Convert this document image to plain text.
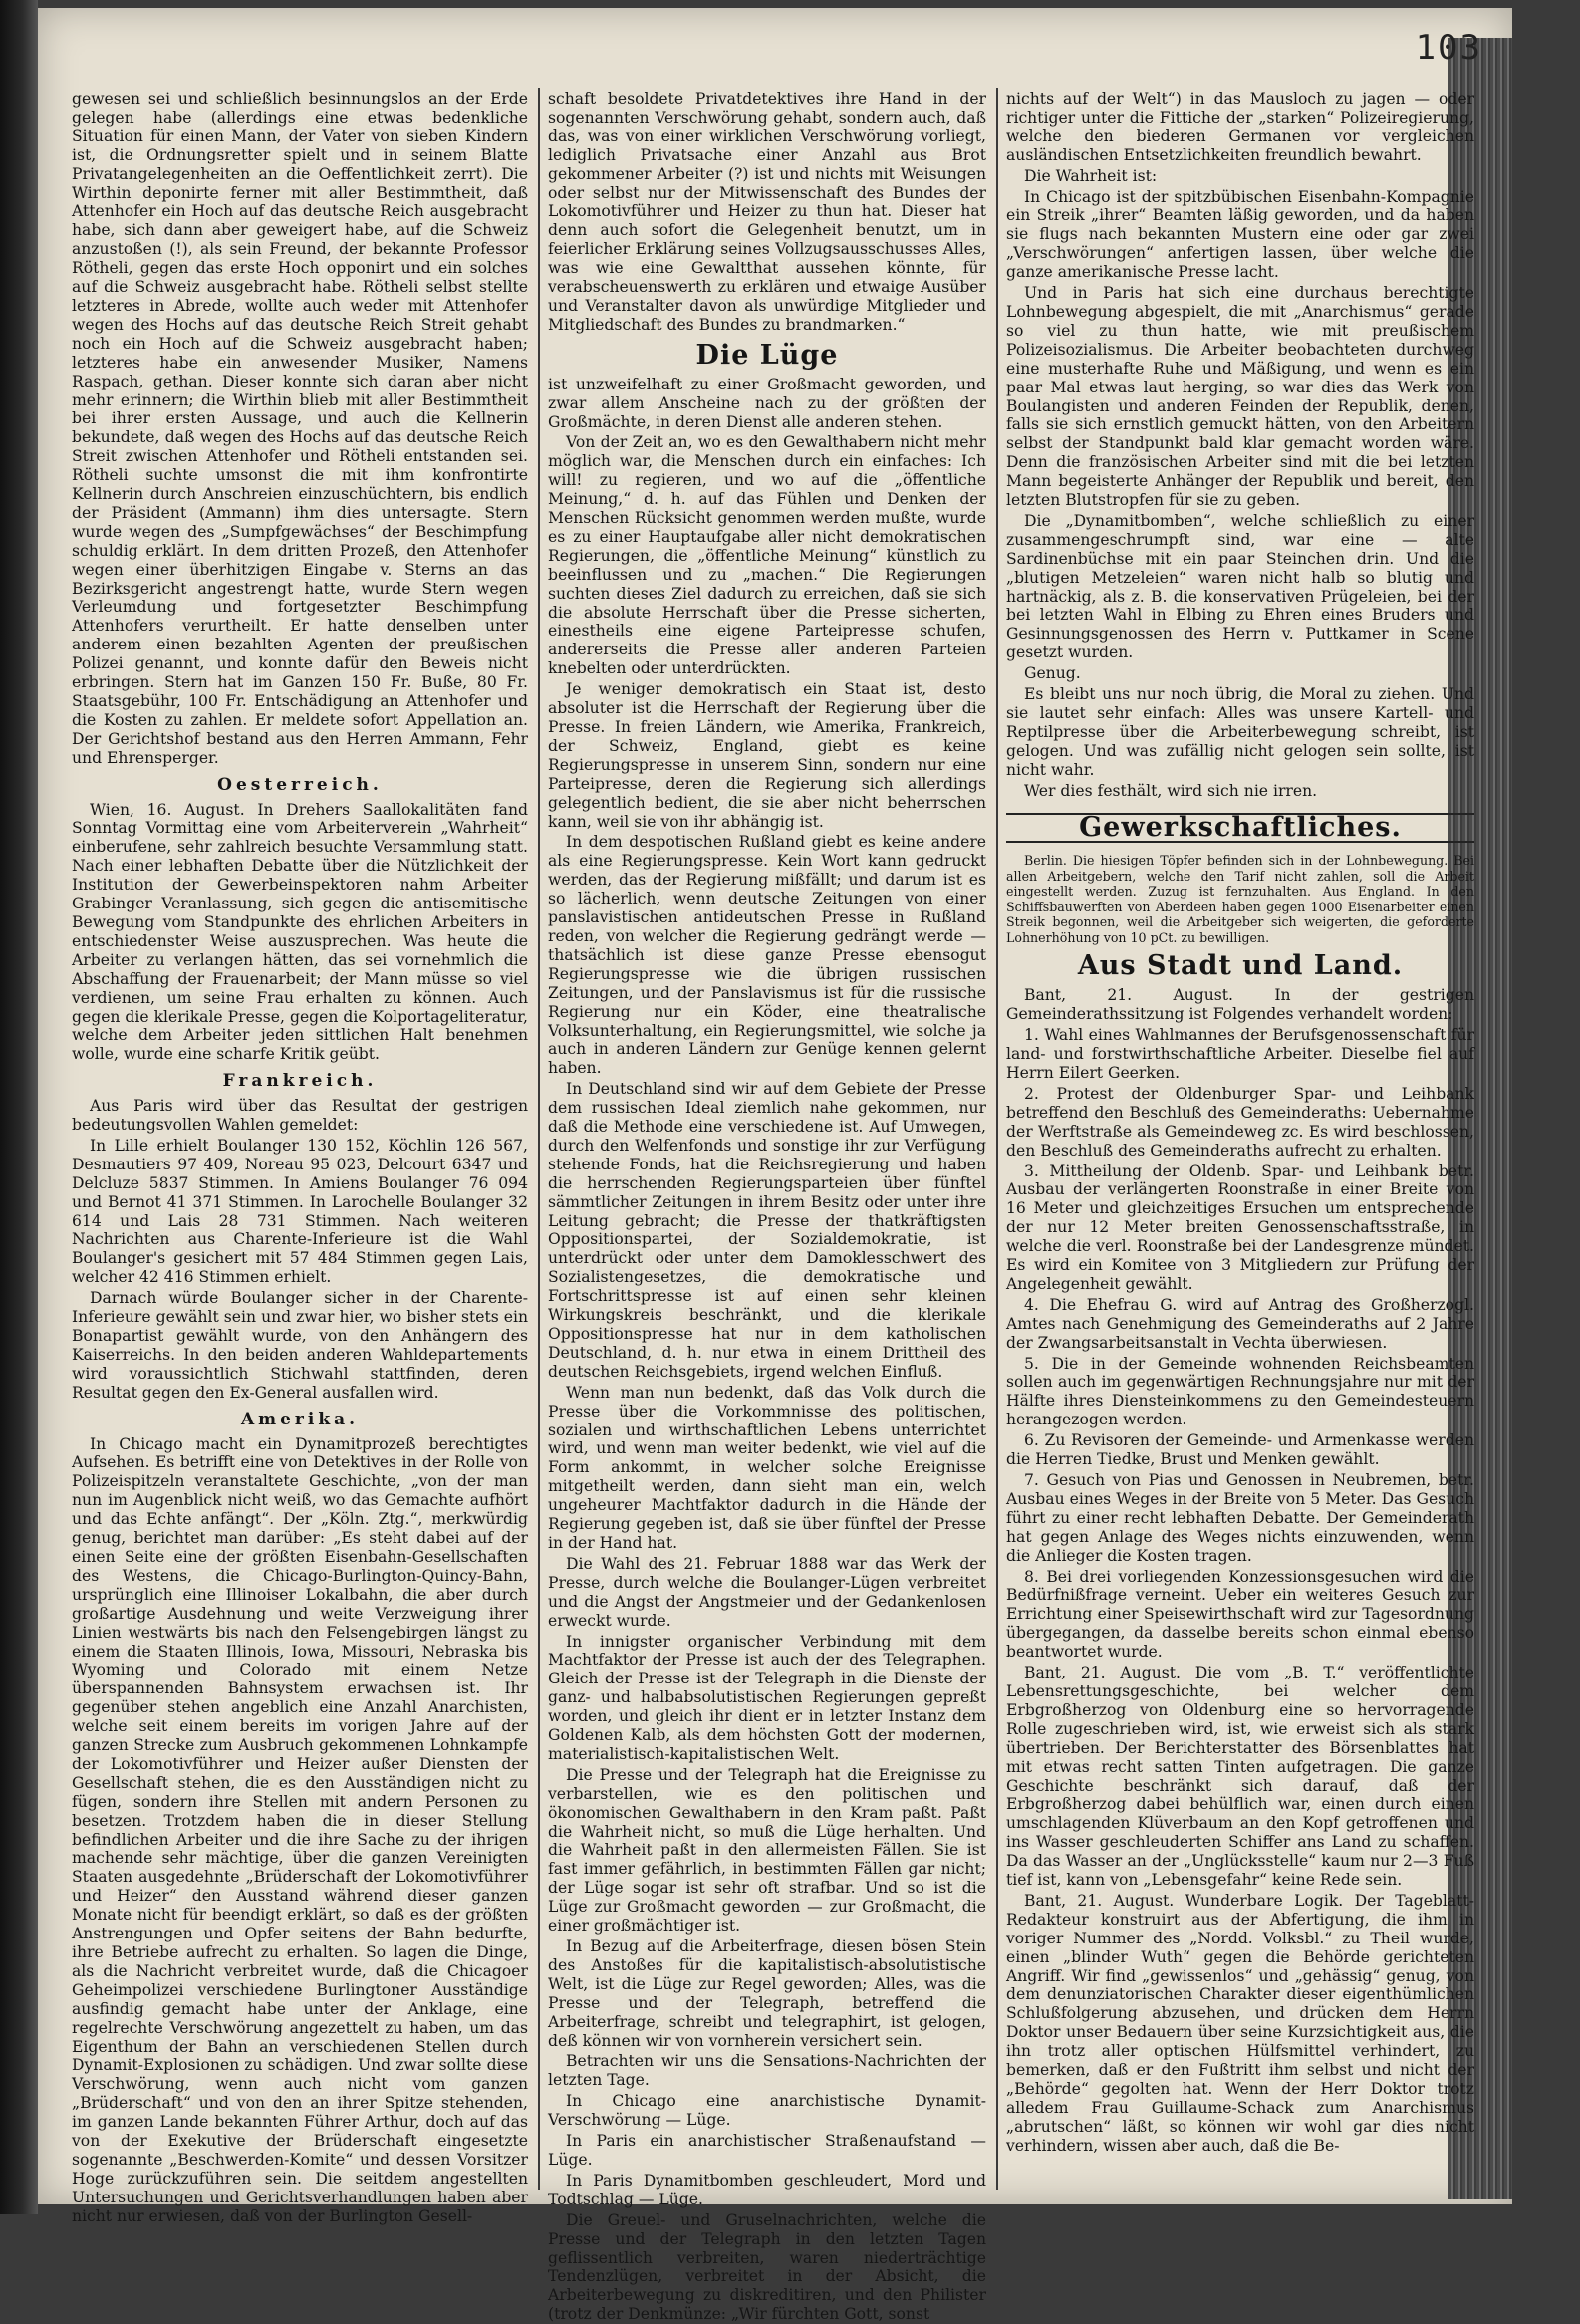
103

gewesen sei und schließlich besinnungslos an der Erde gelegen habe (allerdings eine etwas bedenkliche Situation für einen Mann, der Vater von sieben Kindern ist, die Ordnungsretter spielt und in seinem Blatte Privatangelegenheiten an die Oeffentlichkeit zerrt). Die Wirthin deponirte ferner mit aller Bestimmtheit, daß Attenhofer ein Hoch auf das deutsche Reich ausgebracht habe, sich dann aber geweigert habe, auf die Schweiz anzustoßen (!), als sein Freund, der bekannte Professor Rötheli, gegen das erste Hoch opponirt und ein solches auf die Schweiz ausgebracht habe. Rötheli selbst stellte letzteres in Abrede, wollte auch weder mit Attenhofer wegen des Hochs auf das deutsche Reich Streit gehabt noch ein Hoch auf die Schweiz ausgebracht haben; letzteres habe ein anwesender Musiker, Namens Raspach, gethan. Dieser konnte sich daran aber nicht mehr erinnern; die Wirthin blieb mit aller Bestimmtheit bei ihrer ersten Aussage, und auch die Kellnerin bekundete, daß wegen des Hochs auf das deutsche Reich Streit zwischen Attenhofer und Rötheli entstanden sei. Rötheli suchte umsonst die mit ihm konfrontirte Kellnerin durch Anschreien einzuschüchtern, bis endlich der Präsident (Ammann) ihm dies untersagte. Stern wurde wegen des „Sumpfgewächses“ der Beschimpfung schuldig erklärt. In dem dritten Prozeß, den Attenhofer wegen einer überhitzigen Eingabe v. Sterns an das Bezirksgericht angestrengt hatte, wurde Stern wegen Verleumdung und fortgesetzter Beschimpfung Attenhofers verurtheilt. Er hatte denselben unter anderem einen bezahlten Agenten der preußischen Polizei genannt, und konnte dafür den Beweis nicht erbringen. Stern hat im Ganzen 150 Fr. Buße, 80 Fr. Staatsgebühr, 100 Fr. Entschädigung an Attenhofer und die Kosten zu zahlen. Er meldete sofort Appellation an. Der Gerichtshof bestand aus den Herren Ammann, Fehr und Ehrensperger.

Oesterreich.

Wien, 16. August. In Drehers Saallokalitäten fand Sonntag Vormittag eine vom Arbeiterverein „Wahrheit“ einberufene, sehr zahlreich besuchte Versammlung statt. Nach einer lebhaften Debatte über die Nützlichkeit der Institution der Gewerbeinspektoren nahm Arbeiter Grabinger Veranlassung, sich gegen die antisemitische Bewegung vom Standpunkte des ehrlichen Arbeiters in entschiedenster Weise auszusprechen. Was heute die Arbeiter zu verlangen hätten, das sei vornehmlich die Abschaffung der Frauenarbeit; der Mann müsse so viel verdienen, um seine Frau erhalten zu können. Auch gegen die klerikale Presse, gegen die Kolportageliteratur, welche dem Arbeiter jeden sittlichen Halt benehmen wolle, wurde eine scharfe Kritik geübt.

Frankreich.

Aus Paris wird über das Resultat der gestrigen bedeutungsvollen Wahlen gemeldet:

In Lille erhielt Boulanger 130 152, Köchlin 126 567, Desmautiers 97 409, Noreau 95 023, Delcourt 6347 und Delcluze 5837 Stimmen. In Amiens Boulanger 76 094 und Bernot 41 371 Stimmen. In Larochelle Boulanger 32 614 und Lais 28 731 Stimmen. Nach weiteren Nachrichten aus Charente-Inferieure ist die Wahl Boulanger's gesichert mit 57 484 Stimmen gegen Lais, welcher 42 416 Stimmen erhielt.

Darnach würde Boulanger sicher in der Charente-Inferieure gewählt sein und zwar hier, wo bisher stets ein Bonapartist gewählt wurde, von den Anhängern des Kaiserreichs. In den beiden anderen Wahldepartements wird voraussichtlich Stichwahl stattfinden, deren Resultat gegen den Ex-General ausfallen wird.

Amerika.

In Chicago macht ein Dynamitprozeß berechtigtes Aufsehen. Es betrifft eine von Detektives in der Rolle von Polizeispitzeln veranstaltete Geschichte, „von der man nun im Augenblick nicht weiß, wo das Gemachte aufhört und das Echte anfängt“. Der „Köln. Ztg.“, merkwürdig genug, berichtet man darüber: „Es steht dabei auf der einen Seite eine der größten Eisenbahn-Gesellschaften des Westens, die Chicago-Burlington-Quincy-Bahn, ursprünglich eine Illinoiser Lokalbahn, die aber durch großartige Ausdehnung und weite Verzweigung ihrer Linien westwärts bis nach den Felsengebirgen längst zu einem die Staaten Illinois, Iowa, Missouri, Nebraska bis Wyoming und Colorado mit einem Netze überspannenden Bahnsystem erwachsen ist. Ihr gegenüber stehen angeblich eine Anzahl Anarchisten, welche seit einem bereits im vorigen Jahre auf der ganzen Strecke zum Ausbruch gekommenen Lohnkampfe der Lokomotivführer und Heizer außer Diensten der Gesellschaft stehen, die es den Ausständigen nicht zu fügen, sondern ihre Stellen mit andern Personen zu besetzen. Trotzdem haben die in dieser Stellung befindlichen Arbeiter und die ihre Sache zu der ihrigen machende sehr mächtige, über die ganzen Vereinigten Staaten ausgedehnte „Brüderschaft der Lokomotivführer und Heizer“ den Ausstand während dieser ganzen Monate nicht für beendigt erklärt, so daß es der größten Anstrengungen und Opfer seitens der Bahn bedurfte, ihre Betriebe aufrecht zu erhalten. So lagen die Dinge, als die Nachricht verbreitet wurde, daß die Chicagoer Geheimpolizei verschiedene Burlingtoner Ausständige ausfindig gemacht habe unter der Anklage, eine regelrechte Verschwörung angezettelt zu haben, um das Eigenthum der Bahn an verschiedenen Stellen durch Dynamit-Explosionen zu schädigen. Und zwar sollte diese Verschwörung, wenn auch nicht vom ganzen „Brüderschaft“ und von den an ihrer Spitze stehenden, im ganzen Lande bekannten Führer Arthur, doch auf das von der Exekutive der Brüderschaft eingesetzte sogenannte „Beschwerden-Komite“ und dessen Vorsitzer Hoge zurückzuführen sein. Die seitdem angestellten Untersuchungen und Gerichtsverhandlungen haben aber nicht nur erwiesen, daß von der Burlington Gesell-

schaft besoldete Privatdetektives ihre Hand in der sogenannten Verschwörung gehabt, sondern auch, daß das, was von einer wirklichen Verschwörung vorliegt, lediglich Privatsache einer Anzahl aus Brot gekommener Arbeiter (?) ist und nichts mit Weisungen oder selbst nur der Mitwissenschaft des Bundes der Lokomotivführer und Heizer zu thun hat. Dieser hat denn auch sofort die Gelegenheit benutzt, um in feierlicher Erklärung seines Vollzugsausschusses Alles, was wie eine Gewaltthat aussehen könnte, für verabscheuenswerth zu erklären und etwaige Ausüber und Veranstalter davon als unwürdige Mitglieder und Mitgliedschaft des Bundes zu brandmarken.“

Die Lüge

ist unzweifelhaft zu einer Großmacht geworden, und zwar allem Anscheine nach zu der größten der Großmächte, in deren Dienst alle anderen stehen.

Von der Zeit an, wo es den Gewalthabern nicht mehr möglich war, die Menschen durch ein einfaches: Ich will! zu regieren, und wo auf die „öffentliche Meinung,“ d. h. auf das Fühlen und Denken der Menschen Rücksicht genommen werden mußte, wurde es zu einer Hauptaufgabe aller nicht demokratischen Regierungen, die „öffentliche Meinung“ künstlich zu beeinflussen und zu „machen.“ Die Regierungen suchten dieses Ziel dadurch zu erreichen, daß sie sich die absolute Herrschaft über die Presse sicherten, einestheils eine eigene Parteipresse schufen, andererseits die Presse aller anderen Parteien knebelten oder unterdrückten.

Je weniger demokratisch ein Staat ist, desto absoluter ist die Herrschaft der Regierung über die Presse. In freien Ländern, wie Amerika, Frankreich, der Schweiz, England, giebt es keine Regierungspresse in unserem Sinn, sondern nur eine Parteipresse, deren die Regierung sich allerdings gelegentlich bedient, die sie aber nicht beherrschen kann, weil sie von ihr abhängig ist.

In dem despotischen Rußland giebt es keine andere als eine Regierungspresse. Kein Wort kann gedruckt werden, das der Regierung mißfällt; und darum ist es so lächerlich, wenn deutsche Zeitungen von einer panslavistischen antideutschen Presse in Rußland reden, von welcher die Regierung gedrängt werde — thatsächlich ist diese ganze Presse ebensogut Regierungspresse wie die übrigen russischen Zeitungen, und der Panslavismus ist für die russische Regierung nur ein Köder, eine theatralische Volksunterhaltung, ein Regierungsmittel, wie solche ja auch in anderen Ländern zur Genüge kennen gelernt haben.

In Deutschland sind wir auf dem Gebiete der Presse dem russischen Ideal ziemlich nahe gekommen, nur daß die Methode eine verschiedene ist. Auf Umwegen, durch den Welfenfonds und sonstige ihr zur Verfügung stehende Fonds, hat die Reichsregierung und haben die herrschenden Regierungsparteien über fünftel sämmtlicher Zeitungen in ihrem Besitz oder unter ihre Leitung gebracht; die Presse der thatkräftigsten Oppositionspartei, der Sozialdemokratie, ist unterdrückt oder unter dem Damoklesschwert des Sozialistengesetzes, die demokratische und Fortschrittspresse ist auf einen sehr kleinen Wirkungskreis beschränkt, und die klerikale Oppositionspresse hat nur in dem katholischen Deutschland, d. h. nur etwa in einem Drittheil des deutschen Reichsgebiets, irgend welchen Einfluß.

Wenn man nun bedenkt, daß das Volk durch die Presse über die Vorkommnisse des politischen, sozialen und wirthschaftlichen Lebens unterrichtet wird, und wenn man weiter bedenkt, wie viel auf die Form ankommt, in welcher solche Ereignisse mitgetheilt werden, dann sieht man ein, welch ungeheurer Machtfaktor dadurch in die Hände der Regierung gegeben ist, daß sie über fünftel der Presse in der Hand hat.

Die Wahl des 21. Februar 1888 war das Werk der Presse, durch welche die Boulanger-Lügen verbreitet und die Angst der Angstmeier und der Gedankenlosen erweckt wurde.

In innigster organischer Verbindung mit dem Machtfaktor der Presse ist auch der des Telegraphen. Gleich der Presse ist der Telegraph in die Dienste der ganz- und halbabsolutistischen Regierungen gepreßt worden, und gleich ihr dient er in letzter Instanz dem Goldenen Kalb, als dem höchsten Gott der modernen, materialistisch-kapitalistischen Welt.

Die Presse und der Telegraph hat die Ereignisse zu verbarstellen, wie es den politischen und ökonomischen Gewalthabern in den Kram paßt. Paßt die Wahrheit nicht, so muß die Lüge herhalten. Und die Wahrheit paßt in den allermeisten Fällen. Sie ist fast immer gefährlich, in bestimmten Fällen gar nicht; der Lüge sogar ist sehr oft strafbar. Und so ist die Lüge zur Großmacht geworden — zur Großmacht, die einer großmächtiger ist.

In Bezug auf die Arbeiterfrage, diesen bösen Stein des Anstoßes für die kapitalistisch-absolutistische Welt, ist die Lüge zur Regel geworden; Alles, was die Presse und der Telegraph, betreffend die Arbeiterfrage, schreibt und telegraphirt, ist gelogen, deß können wir von vornherein versichert sein.

Betrachten wir uns die Sensations-Nachrichten der letzten Tage.

In Chicago eine anarchistische Dynamit-Verschwörung — Lüge.

In Paris ein anarchistischer Straßenaufstand — Lüge.

In Paris Dynamitbomben geschleudert, Mord und Todtschlag — Lüge.

Die Greuel- und Gruselnachrichten, welche die Presse und der Telegraph in den letzten Tagen geflissentlich verbreiten, waren niederträchtige Tendenzlügen, verbreitet in der Absicht, die Arbeiterbewegung zu diskreditiren, und den Philister (trotz der Denkmünze: „Wir fürchten Gott, sonst

nichts auf der Welt“) in das Mausloch zu jagen — oder richtiger unter die Fittiche der „starken“ Polizeiregierung, welche den biederen Germanen vor vergleichen ausländischen Entsetzlichkeiten freundlich bewahrt.

Die Wahrheit ist:

In Chicago ist der spitzbübischen Eisenbahn-Kompagnie ein Streik „ihrer“ Beamten läßig geworden, und da haben sie flugs nach bekannten Mustern eine oder gar zwei „Verschwörungen“ anfertigen lassen, über welche die ganze amerikanische Presse lacht.

Und in Paris hat sich eine durchaus berechtigte Lohnbewegung abgespielt, die mit „Anarchismus“ gerade so viel zu thun hatte, wie mit preußischem Polizeisozialismus. Die Arbeiter beobachteten durchweg eine musterhafte Ruhe und Mäßigung, und wenn es ein paar Mal etwas laut herging, so war dies das Werk von Boulangisten und anderen Feinden der Republik, denen, falls sie sich ernstlich gemuckt hätten, von den Arbeitern selbst der Standpunkt bald klar gemacht worden wäre. Denn die französischen Arbeiter sind mit die bei letzten Mann begeisterte Anhänger der Republik und bereit, den letzten Blutstropfen für sie zu geben.

Die „Dynamitbomben“, welche schließlich zu einer zusammengeschrumpft sind, war eine — alte Sardinenbüchse mit ein paar Steinchen drin. Und die „blutigen Metzeleien“ waren nicht halb so blutig und hartnäckig, als z. B. die konservativen Prügeleien, bei der bei letzten Wahl in Elbing zu Ehren eines Bruders und Gesinnungsgenossen des Herrn v. Puttkamer in Scene gesetzt wurden.

Genug.

Es bleibt uns nur noch übrig, die Moral zu ziehen. Und sie lautet sehr einfach: Alles was unsere Kartell- und Reptilpresse über die Arbeiterbewegung schreibt, ist gelogen. Und was zufällig nicht gelogen sein sollte, ist nicht wahr.

Wer dies festhält, wird sich nie irren.

Gewerkschaftliches.

Berlin. Die hiesigen Töpfer befinden sich in der Lohnbewegung. Bei allen Arbeitgebern, welche den Tarif nicht zahlen, soll die Arbeit eingestellt werden. Zuzug ist fernzuhalten. Aus England. In den Schiffsbauwerften von Aberdeen haben gegen 1000 Eisenarbeiter einen Streik begonnen, weil die Arbeitgeber sich weigerten, die geforderte Lohnerhöhung von 10 pCt. zu bewilligen.

Aus Stadt und Land.

Bant, 21. August. In der gestrigen Gemeinderathssitzung ist Folgendes verhandelt worden:

1. Wahl eines Wahlmannes der Berufsgenossenschaft für land- und forstwirthschaftliche Arbeiter. Dieselbe fiel auf Herrn Eilert Geerken.

2. Protest der Oldenburger Spar- und Leihbank betreffend den Beschluß des Gemeinderaths: Uebernahme der Werftstraße als Gemeindeweg zc. Es wird beschlossen, den Beschluß des Gemeinderaths aufrecht zu erhalten.

3. Mittheilung der Oldenb. Spar- und Leihbank betr. Ausbau der verlängerten Roonstraße in einer Breite von 16 Meter und gleichzeitiges Ersuchen um entsprechende der nur 12 Meter breiten Genossenschaftsstraße, in welche die verl. Roonstraße bei der Landesgrenze mündet. Es wird ein Komitee von 3 Mitgliedern zur Prüfung der Angelegenheit gewählt.

4. Die Ehefrau G. wird auf Antrag des Großherzogl. Amtes nach Genehmigung des Gemeinderaths auf 2 Jahre der Zwangsarbeitsanstalt in Vechta überwiesen.

5. Die in der Gemeinde wohnenden Reichsbeamten sollen auch im gegenwärtigen Rechnungsjahre nur mit der Hälfte ihres Diensteinkommens zu den Gemeindesteuern herangezogen werden.

6. Zu Revisoren der Gemeinde- und Armenkasse werden die Herren Tiedke, Brust und Menken gewählt.

7. Gesuch von Pias und Genossen in Neubremen, betr. Ausbau eines Weges in der Breite von 5 Meter. Das Gesuch führt zu einer recht lebhaften Debatte. Der Gemeinderath hat gegen Anlage des Weges nichts einzuwenden, wenn die Anlieger die Kosten tragen.

8. Bei drei vorliegenden Konzessionsgesuchen wird die Bedürfnißfrage verneint. Ueber ein weiteres Gesuch zur Errichtung einer Speisewirthschaft wird zur Tagesordnung übergegangen, da dasselbe bereits schon einmal ebenso beantwortet wurde.

Bant, 21. August. Die vom „B. T.“ veröffentlichte Lebensrettungsgeschichte, bei welcher dem Erbgroßherzog von Oldenburg eine so hervorragende Rolle zugeschrieben wird, ist, wie erweist sich als stark übertrieben. Der Berichterstatter des Börsenblattes hat mit etwas recht satten Tinten aufgetragen. Die ganze Geschichte beschränkt sich darauf, daß der Erbgroßherzog dabei behülflich war, einen durch einen umschlagenden Klüverbaum an den Kopf getroffenen und ins Wasser geschleuderten Schiffer ans Land zu schaffen. Da das Wasser an der „Unglücksstelle“ kaum nur 2—3 Fuß tief ist, kann von „Lebensgefahr“ keine Rede sein.

Bant, 21. August. Wunderbare Logik. Der Tageblatt-Redakteur konstruirt aus der Abfertigung, die ihm in voriger Nummer des „Nordd. Volksbl.“ zu Theil wurde, einen „blinder Wuth“ gegen die Behörde gerichteten Angriff. Wir find „gewissenlos“ und „gehässig“ genug, von dem denunziatorischen Charakter dieser eigenthümlichen Schlußfolgerung abzusehen, und drücken dem Herrn Doktor unser Bedauern über seine Kurzsichtigkeit aus, die ihn trotz aller optischen Hülfsmittel verhindert, zu bemerken, daß er den Fußtritt ihm selbst und nicht der „Behörde“ gegolten hat. Wenn der Herr Doktor trotz alledem Frau Guillaume-Schack zum Anarchismus „abrutschen“ läßt, so können wir wohl gar dies nicht verhindern, wissen aber auch, daß die Be-
